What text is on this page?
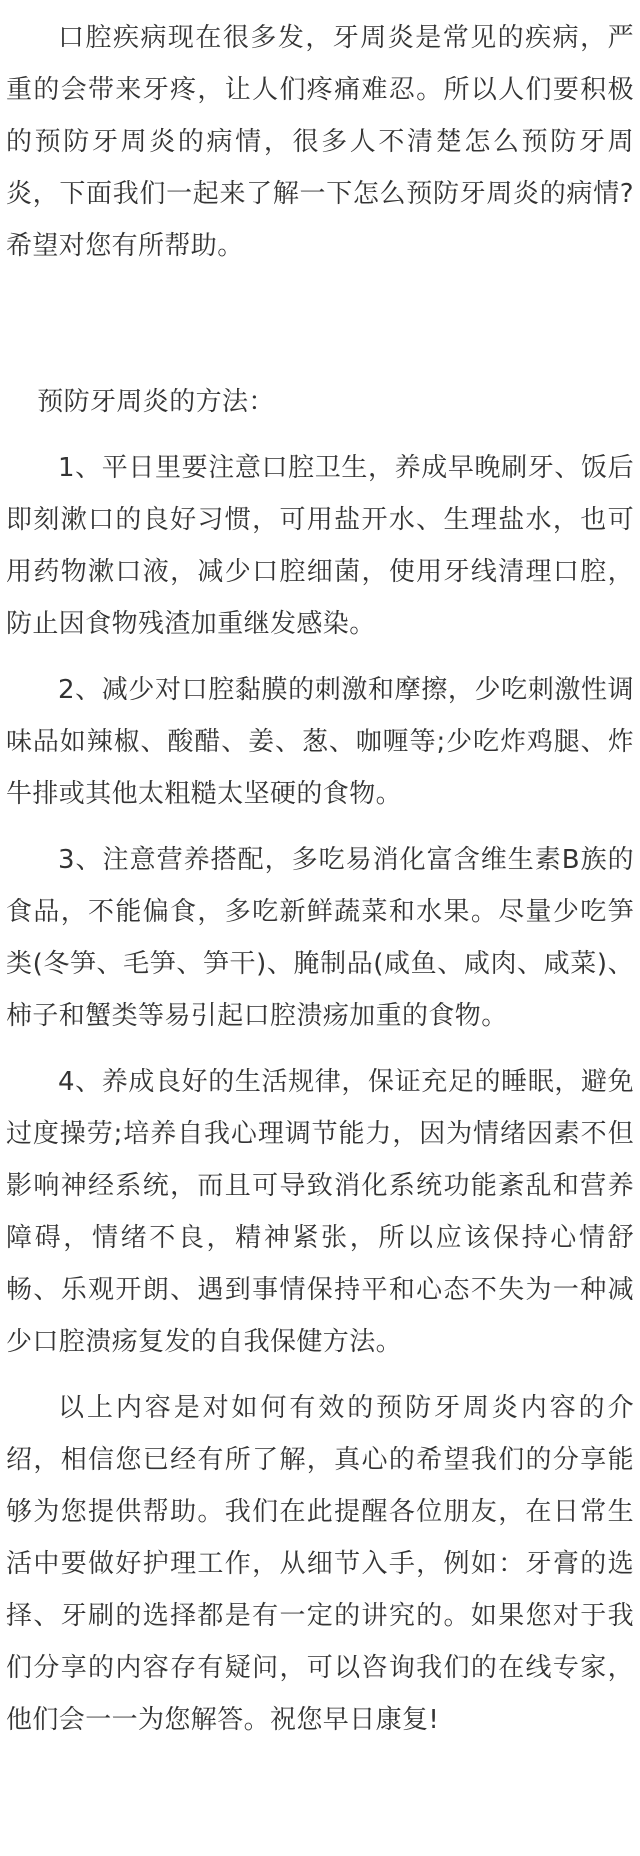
口腔疾病现在很多发，牙周炎是常见的疾病，严重的会带来牙疼，让人们疼痛难忍。所以人们要积极的预防牙周炎的病情，很多人不清楚怎么预防牙周炎，下面我们一起来了解一下怎么预防牙周炎的病情?希望对您有所帮助。

预防牙周炎的方法：

1、平日里要注意口腔卫生，养成早晚刷牙、饭后即刻漱口的良好习惯，可用盐开水、生理盐水，也可用药物漱口液，减少口腔细菌，使用牙线清理口腔，防止因食物残渣加重继发感染。

2、减少对口腔黏膜的刺激和摩擦，少吃刺激性调味品如辣椒、酸醋、姜、葱、咖喱等;少吃炸鸡腿、炸牛排或其他太粗糙太坚硬的食物。

3、注意营养搭配，多吃易消化富含维生素B族的食品，不能偏食，多吃新鲜蔬菜和水果。尽量少吃笋类(冬笋、毛笋、笋干)、腌制品(咸鱼、咸肉、咸菜)、柿子和蟹类等易引起口腔溃疡加重的食物。

4、养成良好的生活规律，保证充足的睡眠，避免过度操劳;培养自我心理调节能力，因为情绪因素不但影响神经系统，而且可导致消化系统功能紊乱和营养障碍，情绪不良，精神紧张，所以应该保持心情舒畅、乐观开朗、遇到事情保持平和心态不失为一种减少口腔溃疡复发的自我保健方法。

以上内容是对如何有效的预防牙周炎内容的介绍，相信您已经有所了解，真心的希望我们的分享能够为您提供帮助。我们在此提醒各位朋友，在日常生活中要做好护理工作，从细节入手，例如：牙膏的选择、牙刷的选择都是有一定的讲究的。如果您对于我们分享的内容存有疑问，可以咨询我们的在线专家，他们会一一为您解答。祝您早日康复!
